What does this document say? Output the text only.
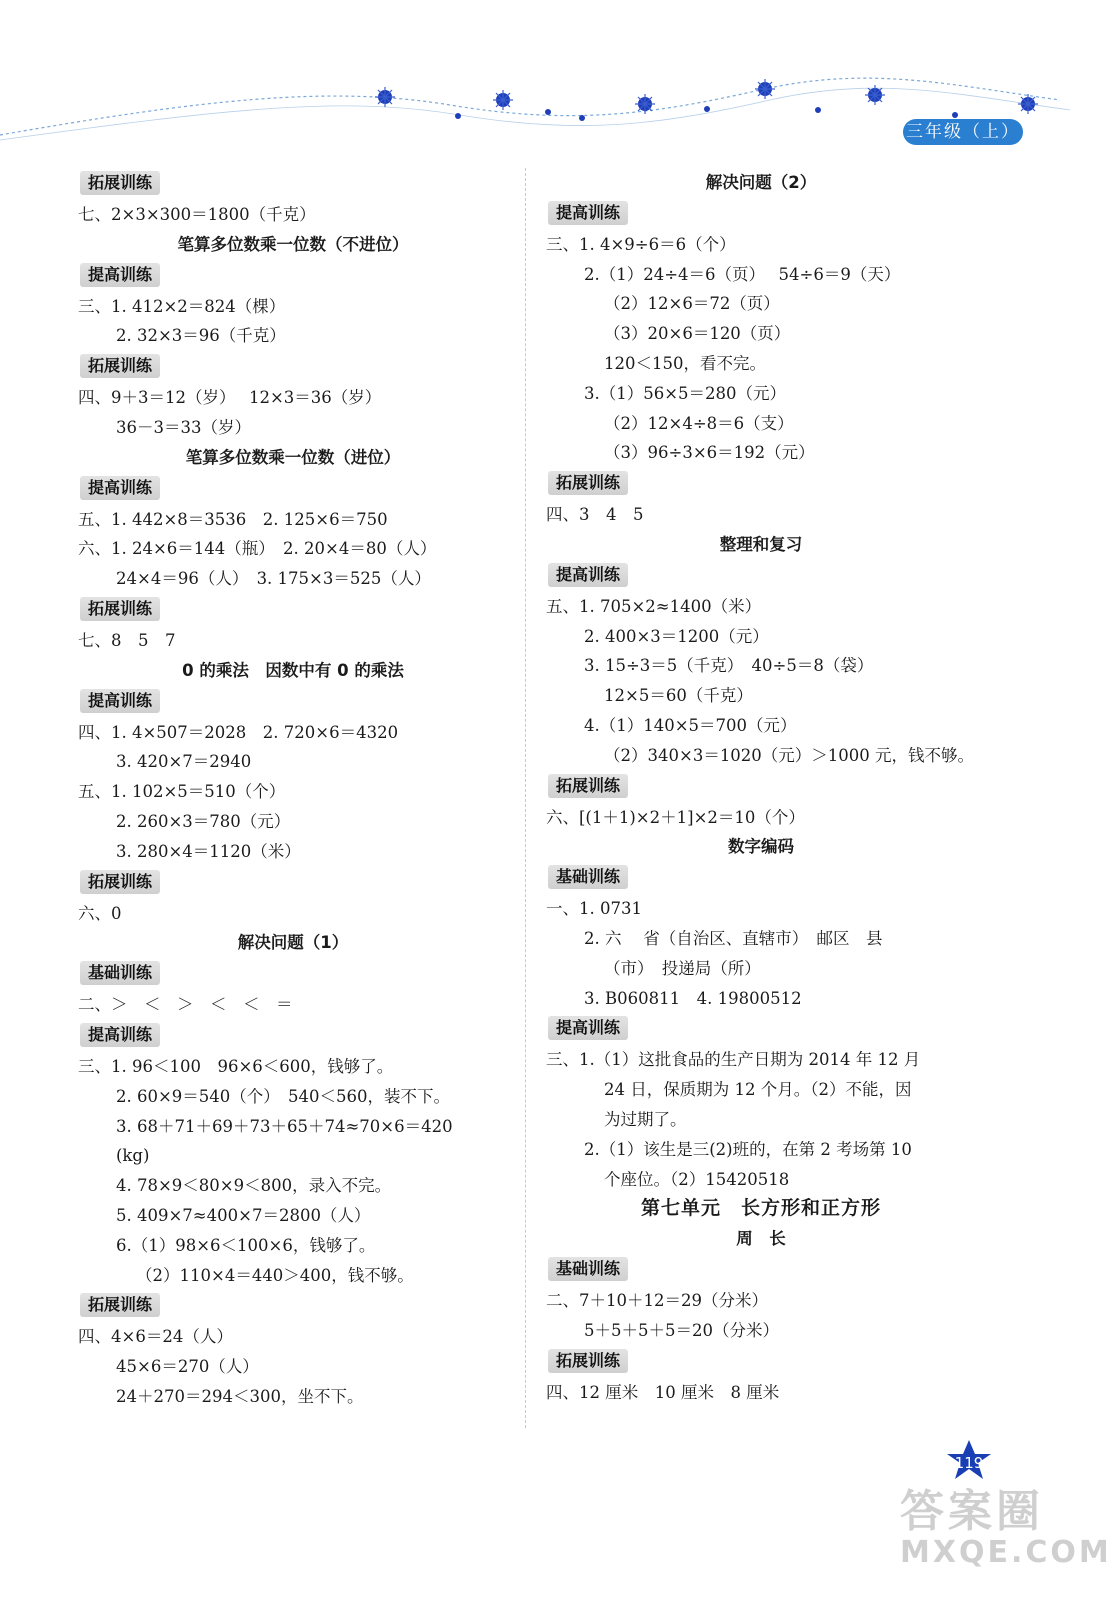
三年级（上）
拓展训练
七、2×3×300＝1800（千克）
笔算多位数乘一位数（不进位）
提高训练
三、1. 412×2＝824（棵）
2. 32×3＝96（千克）
拓展训练
四、9＋3＝12（岁）　 12×3＝36（岁）
36－3＝33（岁）
笔算多位数乘一位数（进位）
提高训练
五、1. 442×8＝3536　2. 125×6＝750
六、1. 24×6＝144（瓶）　2. 20×4＝80（人）
24×4＝96（人）　3. 175×3＝525（人）
拓展训练
七、8　5　7
0 的乘法　因数中有 0 的乘法
提高训练
四、1. 4×507＝2028　2. 720×6＝4320
3. 420×7＝2940
五、1. 102×5＝510（个）
2. 260×3＝780（元）
3. 280×4＝1120（米）
拓展训练
六、0
解决问题（1）
基础训练
二、＞　＜　＞　＜　＜　＝
提高训练
三、1. 96＜100　96×6＜600，钱够了。
2. 60×9＝540（个）　540＜560，装不下。
3. 68＋71＋69＋73＋65＋74≈70×6＝420
(kg)
4. 78×9＜80×9＜800，录入不完。
5. 409×7≈400×7＝2800（人）
6.（1）98×6＜100×6，钱够了。
（2）110×4＝440＞400，钱不够。
拓展训练
四、4×6＝24（人）
45×6＝270（人）
24＋270＝294＜300，坐不下。
解决问题（2）
提高训练
三、1. 4×9÷6＝6（个）
2.（1）24÷4＝6（页）　 54÷6＝9（天）
（2）12×6＝72（页）
（3）20×6＝120（页）
120＜150，看不完。
3.（1）56×5＝280（元）
（2）12×4÷8＝6（支）
（3）96÷3×6＝192（元）
拓展训练
四、3　4　5
整理和复习
提高训练
五、1. 705×2≈1400（米）
2. 400×3＝1200（元）
3. 15÷3＝5（千克）　40÷5＝8（袋）
12×5＝60（千克）
4.（1）140×5＝700（元）
（2）340×3＝1020（元）＞1000 元，钱不够。
拓展训练
六、[(1＋1)×2＋1]×2＝10（个）
数字编码
基础训练
一、1. 0731
2. 六　 省（自治区、直辖市）　邮区　县
（市）　投递局（所）
3. B060811　4. 19800512
提高训练
三、1.（1）这批食品的生产日期为 2014 年 12 月
24 日，保质期为 12 个月。（2）不能，因
为过期了。
2.（1）该生是三(2)班的，在第 2 考场第 10
个座位。（2）15420518
第七单元　长方形和正方形
周　长
基础训练
二、7＋10＋12＝29（分米）
5＋5＋5＋5＝20（分米）
拓展训练
四、12 厘米　10 厘米　8 厘米
119
答案圈
MXQE.COM
